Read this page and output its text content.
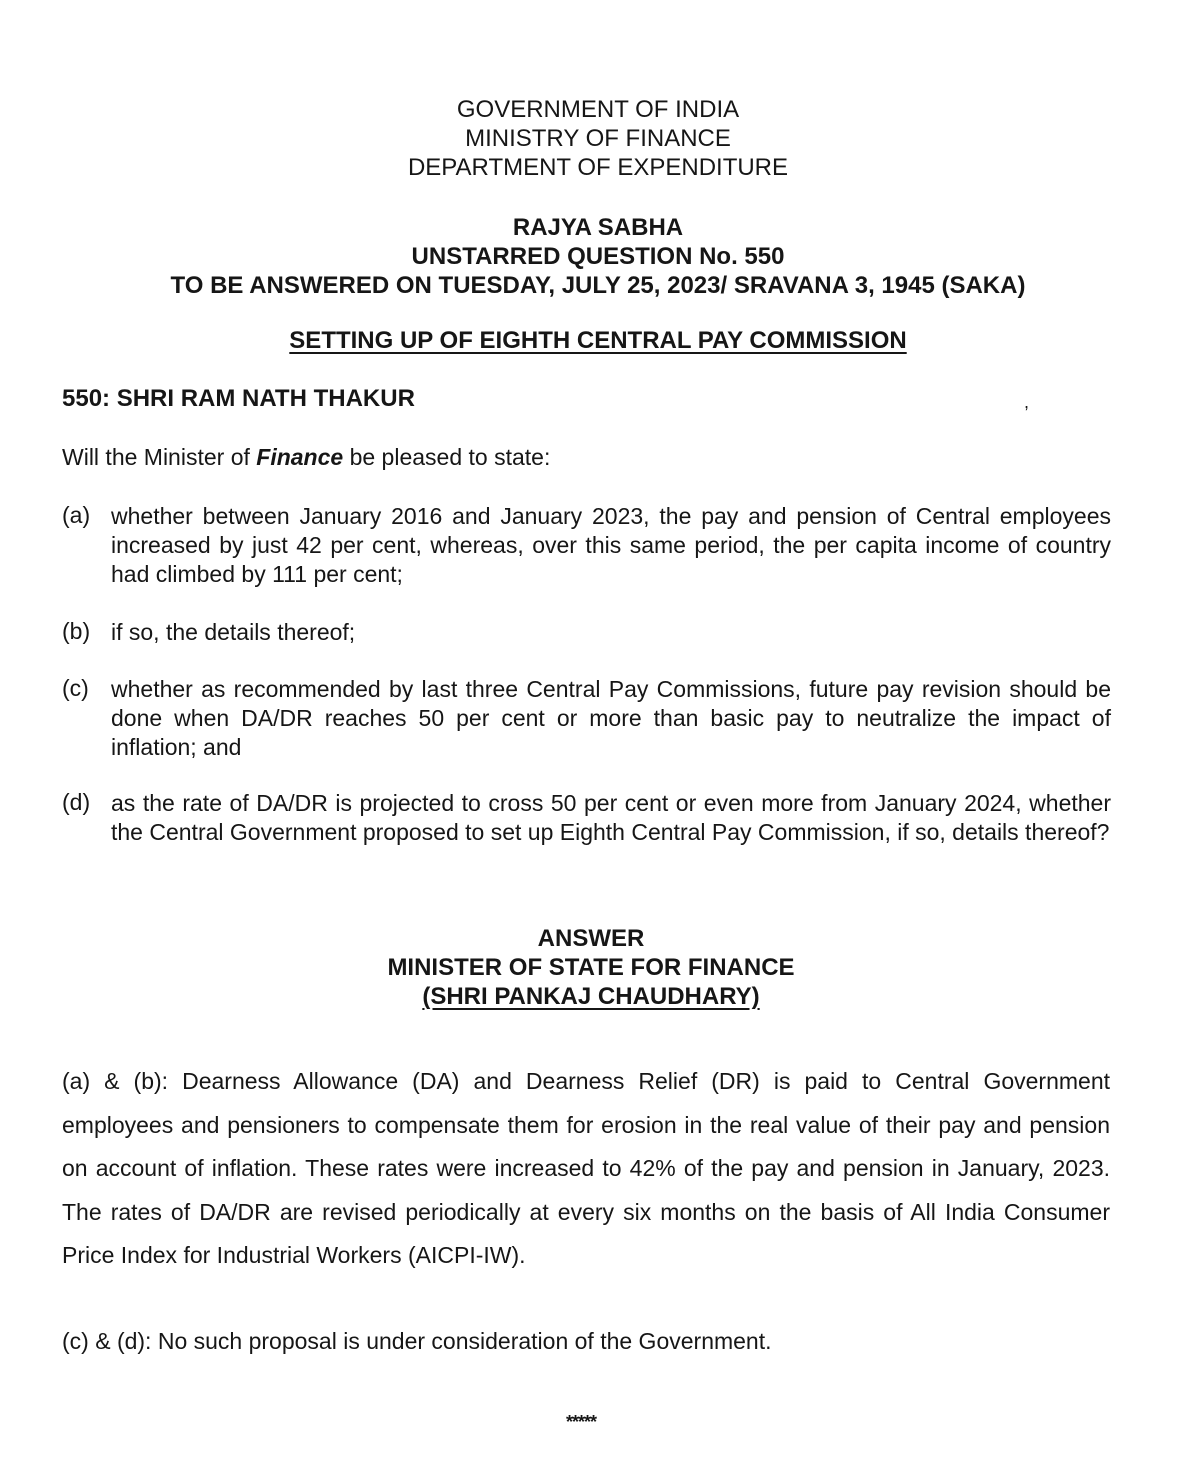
GOVERNMENT OF INDIA
MINISTRY OF FINANCE
DEPARTMENT OF EXPENDITURE
RAJYA SABHA
UNSTARRED QUESTION No. 550
TO BE ANSWERED ON TUESDAY, JULY 25, 2023/ SRAVANA 3, 1945 (SAKA)
SETTING UP OF EIGHTH CENTRAL PAY COMMISSION
550: SHRI RAM NATH THAKUR	,
Will the Minister of Finance be pleased to state:
(a) whether between January 2016 and January 2023, the pay and pension of Central employees increased by just 42 per cent, whereas, over this same period, the per capita income of country had climbed by 111 per cent;
(b) if so, the details thereof;
(c) whether as recommended by last three Central Pay Commissions, future pay revision should be done when DA/DR reaches 50 per cent or more than basic pay to neutralize the impact of inflation; and
(d) as the rate of DA/DR is projected to cross 50 per cent or even more from January 2024, whether the Central Government proposed to set up Eighth Central Pay Commission, if so, details thereof?
ANSWER
MINISTER OF STATE FOR FINANCE
(SHRI PANKAJ CHAUDHARY)
(a) & (b): Dearness Allowance (DA) and Dearness Relief (DR) is paid to Central Government employees and pensioners to compensate them for erosion in the real value of their pay and pension on account of inflation. These rates were increased to 42% of the pay and pension in January, 2023. The rates of DA/DR are revised periodically at every six months on the basis of All India Consumer Price Index for Industrial Workers (AICPI-IW).
(c) & (d): No such proposal is under consideration of the Government.
*****
